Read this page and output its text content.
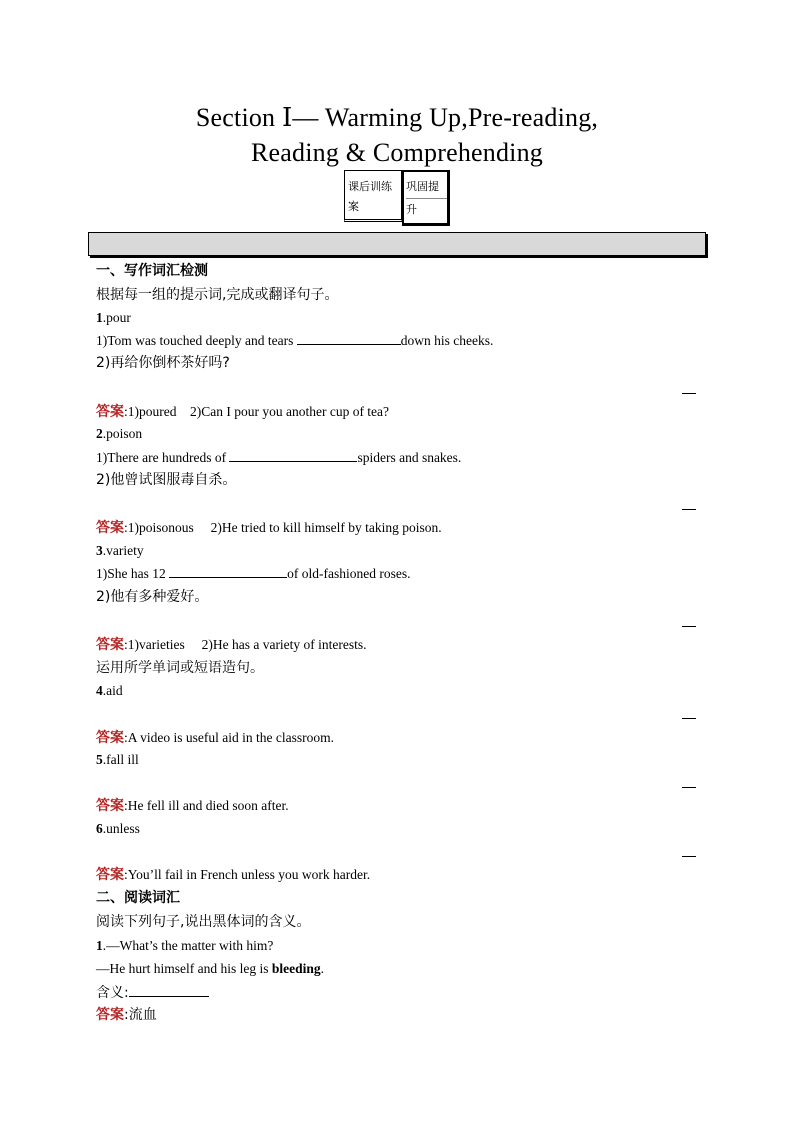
Section Ⅰ— Warming Up,Pre-reading,
Reading & Comprehending
课后训练案
巩固提
升
一、写作词汇检测
根据每一组的提示词,完成或翻译句子。
1.pour
1)Tom was touched deeply and tears	down his cheeks.
2)再给你倒杯茶好吗?
答案:1)poured    2)Can I pour you another cup of tea?
2.poison
1)There are hundreds of	spiders and snakes.
2)他曾试图服毒自杀。
答案:1)poisonous     2)He tried to kill himself by taking poison.
3.variety
1)She has 12	of old-fashioned roses.
2)他有多种爱好。
答案:1)varieties     2)He has a variety of interests.
运用所学单词或短语造句。
4.aid
答案:A video is useful aid in the classroom.
5.fall ill
答案:He fell ill and died soon after.
6.unless
答案:You’ll fail in French unless you work harder.
二、阅读词汇
阅读下列句子,说出黑体词的含义。
1.—What’s the matter with him?
—He hurt himself and his leg is bleeding.
含义:
答案:流血
